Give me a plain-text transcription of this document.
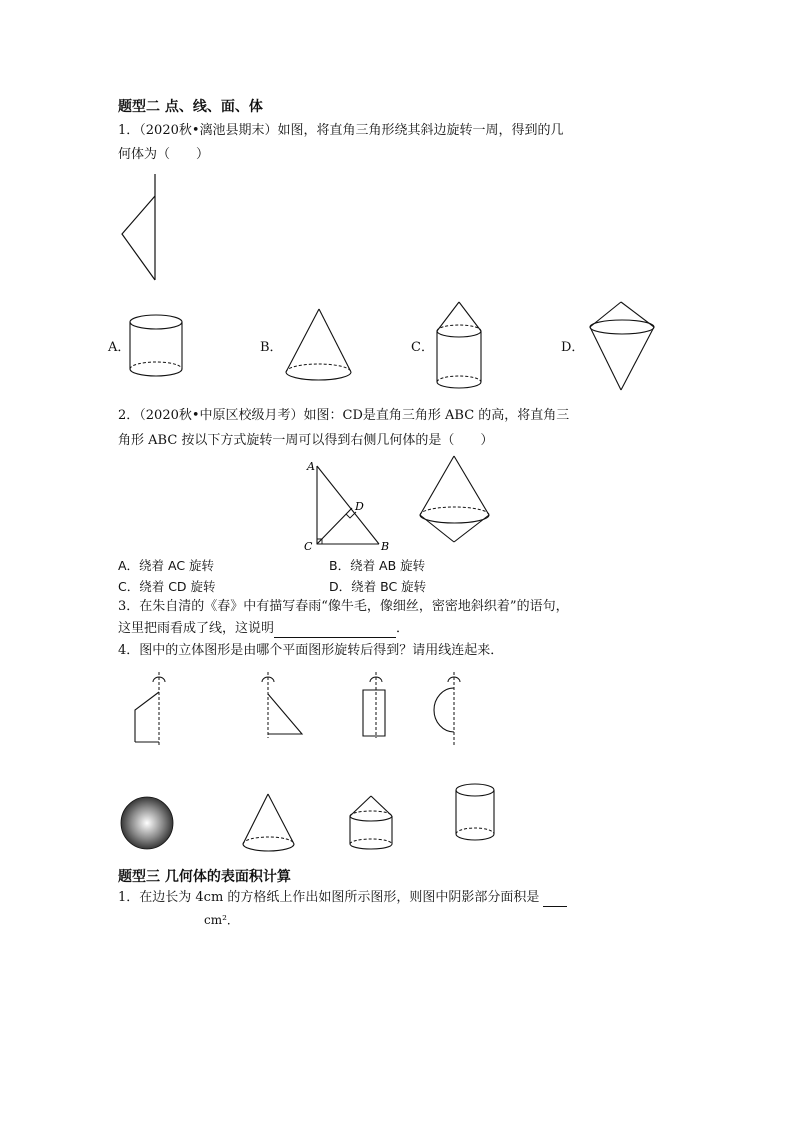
题型二 点、线、面、体
1．（2020秋•漓池县期末）如图，将直角三角形绕其斜边旋转一周，得到的几
何体为（　　）
A．	B．	C．	D．
2．（2020秋•中原区校级月考）如图：CD是直角三角形 ABC 的高，将直角三
角形 ABC 按以下方式旋转一周可以得到右侧几何体的是（　　）
A
D
C	B
A．绕着 AC 旋转	B．绕着 AB 旋转
C．绕着 CD 旋转	D．绕着 BC 旋转
3．在朱自清的《春》中有描写春雨“像牛毛，像细丝，密密地斜织着”的语句，
这里把雨看成了线，这说明	．
4．图中的立体图形是由哪个平面图形旋转后得到？请用线连起来．
题型三 几何体的表面积计算
1．在边长为 4cm 的方格纸上作出如图所示图形，则图中阴影部分面积是
cm²．
